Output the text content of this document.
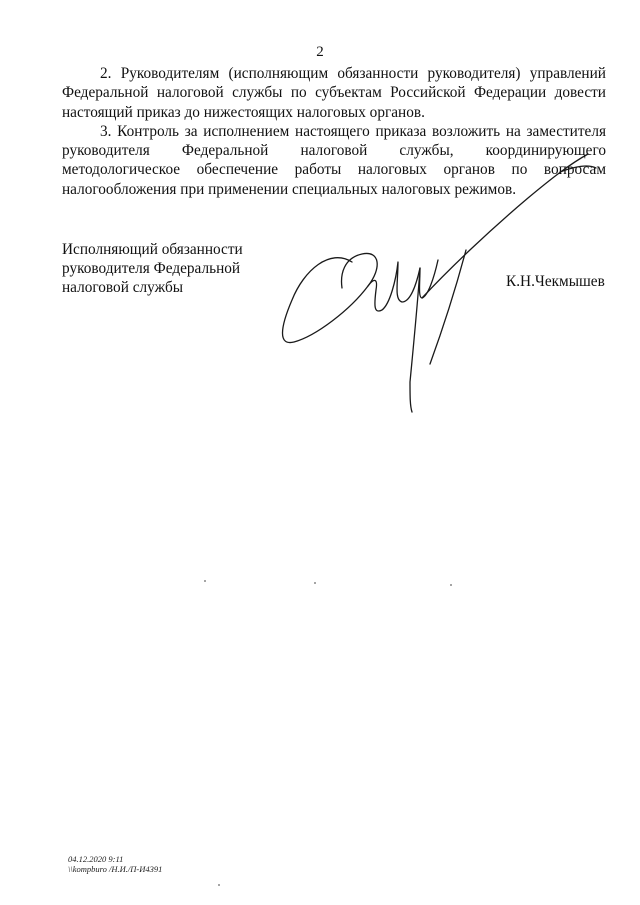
2

2. Руководителям (исполняющим обязанности руководителя) управлений Федеральной налоговой службы по субъектам Российской Федерации довести настоящий приказ до нижестоящих налоговых органов.

3. Контроль за исполнением настоящего приказа возложить на заместителя руководителя Федеральной налоговой службы, координирующего методологическое обеспечение работы налоговых органов по вопросам налогообложения при применении специальных налоговых режимов.

Исполняющий обязанности
руководителя Федеральной
налоговой службы	К.Н.Чекмышев
04.12.2020 9:11
\\kompburo /Н.И./П-И4391
